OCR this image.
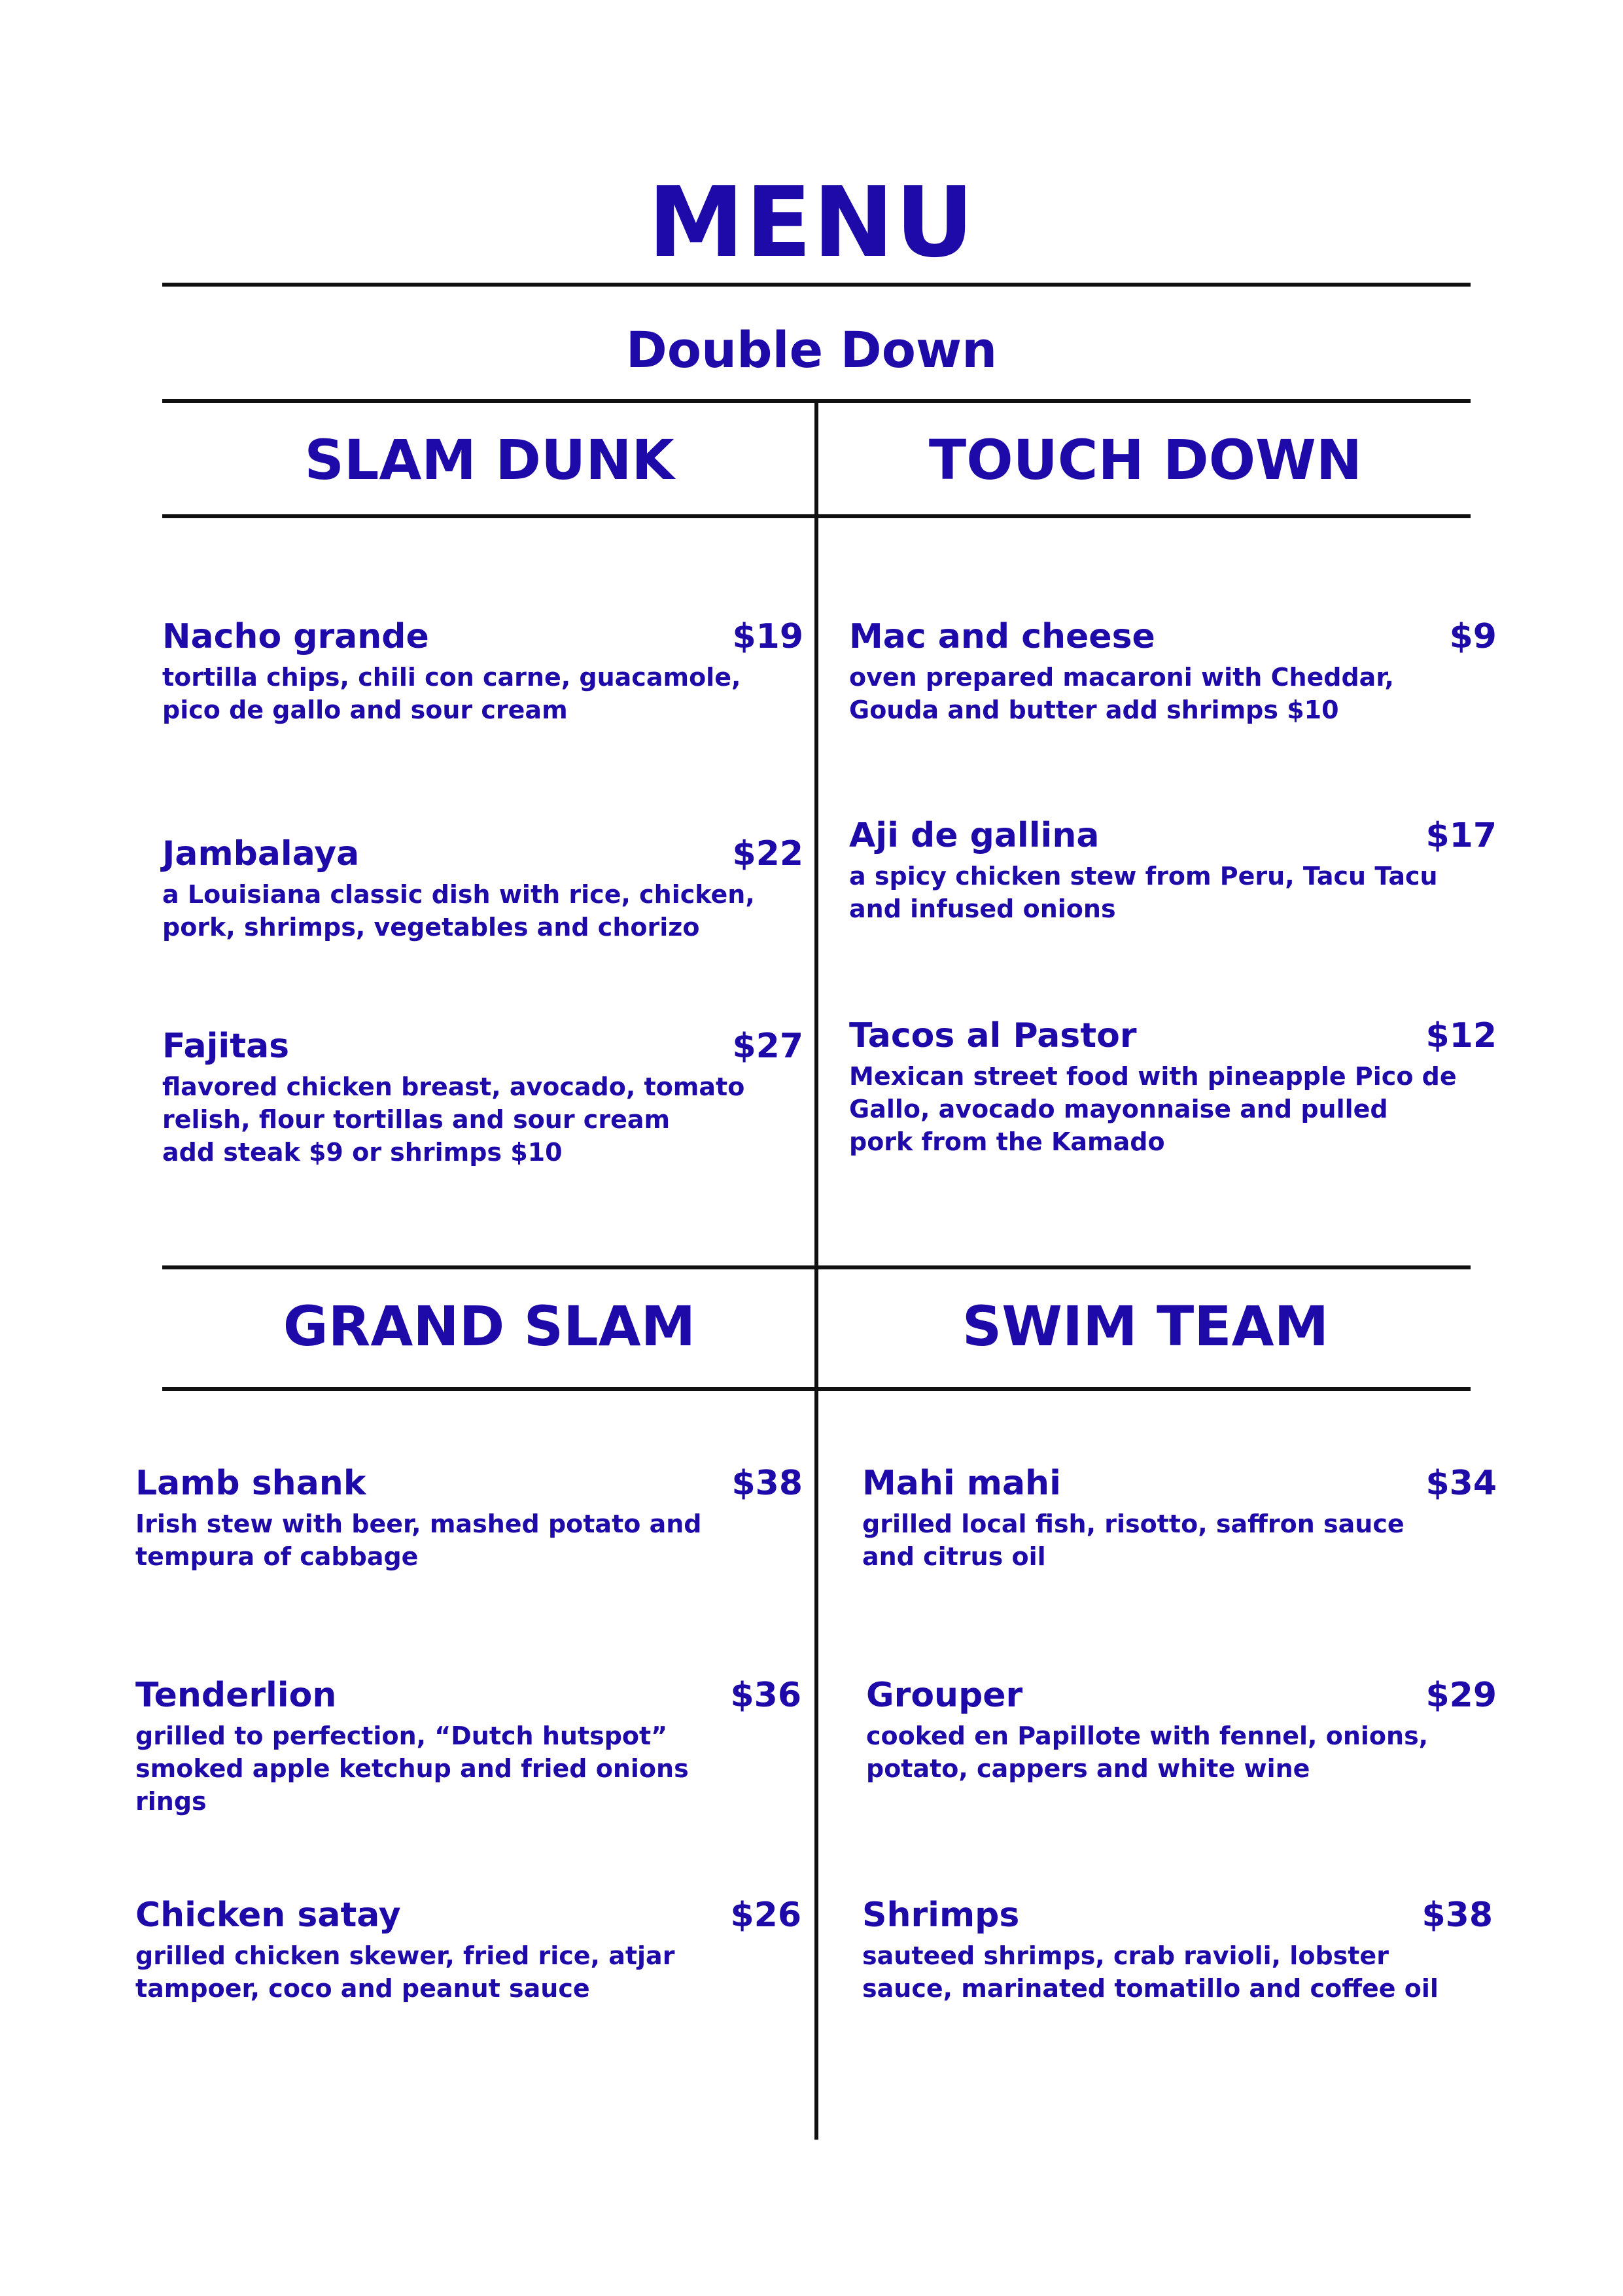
MENU
Double Down
SLAM DUNK	TOUCH DOWN
Nacho grande	$19
tortilla chips, chili con carne, guacamole,
pico de gallo and sour cream
Jambalaya	$22
a Louisiana classic dish with rice, chicken,
pork, shrimps, vegetables and chorizo
Fajitas	$27
flavored chicken breast, avocado, tomato
relish, flour tortillas and sour cream
add steak $9 or shrimps $10
Mac and cheese	$9
oven prepared macaroni with Cheddar,
Gouda and butter add shrimps $10
Aji de gallina	$17
a spicy chicken stew from Peru, Tacu Tacu
and infused onions
Tacos al Pastor	$12
Mexican street food with pineapple Pico de
Gallo, avocado mayonnaise and pulled
pork from the Kamado
GRAND SLAM	SWIM TEAM
Lamb shank	$38
Irish stew with beer, mashed potato and
tempura of cabbage
Tenderlion	$36
grilled to perfection, “Dutch hutspot”
smoked apple ketchup and fried onions
rings
Chicken satay	$26
grilled chicken skewer, fried rice, atjar
tampoer, coco and peanut sauce
Mahi mahi	$34
grilled local fish, risotto, saffron sauce
and citrus oil
Grouper	$29
cooked en Papillote with fennel, onions,
potato, cappers and white wine
Shrimps	$38
sauteed shrimps, crab ravioli, lobster
sauce, marinated tomatillo and coffee oil
